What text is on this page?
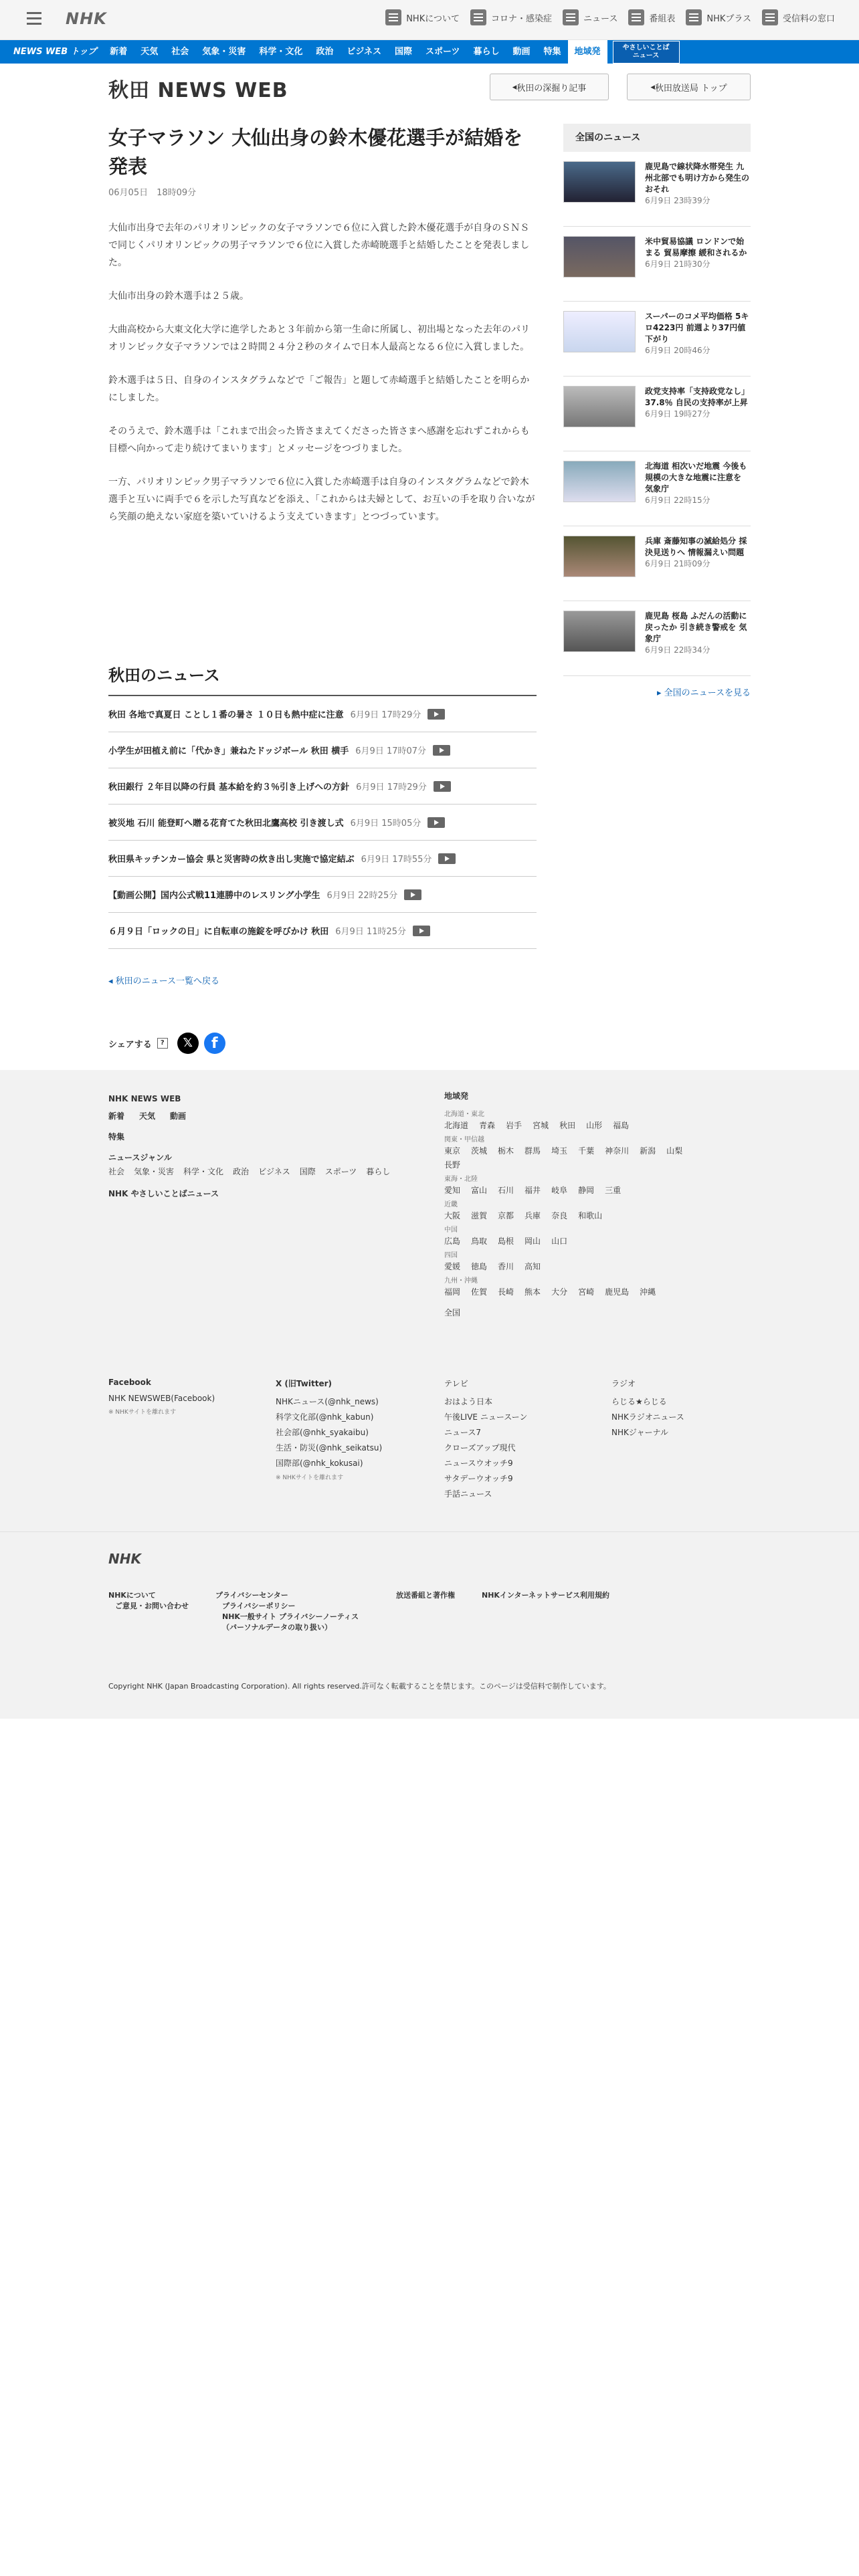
NHK	NHKについて	コロナ・感染症	ニュース	番組表	NHKプラス	受信料の窓口
NEWS WEB トップ	新着	天気	社会	気象・災害	科学・文化	政治	ビジネス	国際	スポーツ	暮らし	動画	特集	地域発	やさしいことば
ニュース
秋田 NEWS WEB	◂ 秋田の深掘り記事	◂ 秋田放送局 トップ
女子マラソン 大仙出身の鈴木優花選手が結婚を発表
06月05日　18時09分

大仙市出身で去年のパリオリンピックの女子マラソンで６位に入賞した鈴木優花選手が自身のＳＮＳで同じくパリオリンピックの男子マラソンで６位に入賞した赤崎暁選手と結婚したことを発表しました。

大仙市出身の鈴木選手は２５歳。

大曲高校から大東文化大学に進学したあと３年前から第一生命に所属し、初出場となった去年のパリオリンピック女子マラソンでは２時間２４分２秒のタイムで日本人最高となる６位に入賞しました。

鈴木選手は５日、自身のインスタグラムなどで「ご報告」と題して赤崎選手と結婚したことを明らかにしました。

そのうえで、鈴木選手は「これまで出会った皆さまえてくださった皆さまへ感謝を忘れずこれからも目標へ向かって走り続けてまいります」とメッセージをつづりました。

一方、パリオリンピック男子マラソンで６位に入賞した赤崎選手は自身のインスタグラムなどで鈴木選手と互いに両手で６を示した写真などを添え、「これからは夫婦として、お互いの手を取り合いながら笑顔の絶えない家庭を築いていけるよう支えていきます」とつづっています。

秋田のニュース
秋田 各地で真夏日 ことし１番の暑さ １０日も熱中症に注意 6月9日 17時29分
小学生が田植え前に「代かき」兼ねたドッジボール 秋田 横手 6月9日 17時07分
秋田銀行 ２年目以降の行員 基本給を約３％引き上げへの方針 6月9日 17時29分
被災地 石川 能登町へ贈る花育てた秋田北鷹高校 引き渡し式 6月9日 15時05分
秋田県キッチンカー協会 県と災害時の炊き出し実施で協定結ぶ 6月9日 17時55分
【動画公開】国内公式戦11連勝中のレスリング小学生 6月9日 22時25分
６月９日「ロックの日」に自転車の施錠を呼びかけ 秋田 6月9日 11時25分
◂ 秋田のニュース一覧へ戻る
シェアする	?	𝕏	f
全国のニュース
鹿児島で線状降水帯発生 九州北部でも明け方から発生のおそれ
6月9日 23時39分
米中貿易協議 ロンドンで始まる 貿易摩擦 緩和されるか
6月9日 21時30分
スーパーのコメ平均価格 5キロ4223円 前週より37円値下がり
6月9日 20時46分
政党支持率「支持政党なし」37.8％ 自民の支持率が上昇
6月9日 19時27分
北海道 相次いだ地震 今後も規模の大きな地震に注意を 気象庁
6月9日 22時15分
兵庫 斎藤知事の滅給処分 採決見送りへ 情報漏えい問題
6月9日 21時09分
鹿児島 桜島 ふだんの活動に戻ったか 引き続き警戒を 気象庁
6月9日 22時34分
▸ 全国のニュースを見る
NHK NEWS WEB
新着 天気 動画
特集
ニュースジャンル
社会 気象・災害 科学・文化 政治 ビジネス 国際 スポーツ 暮らし
NHK やさしいことばニュース
地域発
北海道・東北
北海道 青森 岩手 宮城 秋田 山形 福島
関東・甲信越
東京 茨城 栃木 群馬 埼玉 千葉 神奈川 新潟 山梨
長野
東海・北陸
愛知 富山 石川 福井 岐阜 静岡 三重
近畿
大阪 滋賀 京都 兵庫 奈良 和歌山
中国
広島 鳥取 島根 岡山 山口
四国
愛媛 徳島 香川 高知
九州・沖縄
福岡 佐賀 長崎 熊本 大分 宮崎 鹿児島 沖縄
全国
Facebook
NHK NEWSWEB(Facebook)
※ NHKサイトを離れます
X (旧Twitter)
NHKニュース(@nhk_news)
科学文化部(@nhk_kabun)
社会部(@nhk_syakaibu)
生活・防災(@nhk_seikatsu)
国際部(@nhk_kokusai)
※ NHKサイトを離れます
テレビ
おはよう日本
午後LIVE ニュースーン
ニュース7
クローズアップ現代
ニュースウオッチ9
サタデーウオッチ9
手話ニュース
ラジオ
らじる★らじる
NHKラジオニュース
NHKジャーナル
NHK
NHKについて
ご意見・お問い合わせ
プライバシーセンター
プライバシーポリシー
NHK一般サイト プライバシーノーティス（パーソナルデータの取り扱い）
放送番組と著作権	NHKインターネットサービス利用規約
Copyright NHK (Japan Broadcasting Corporation). All rights reserved.許可なく転載することを禁じます。このページは受信料で制作しています。
